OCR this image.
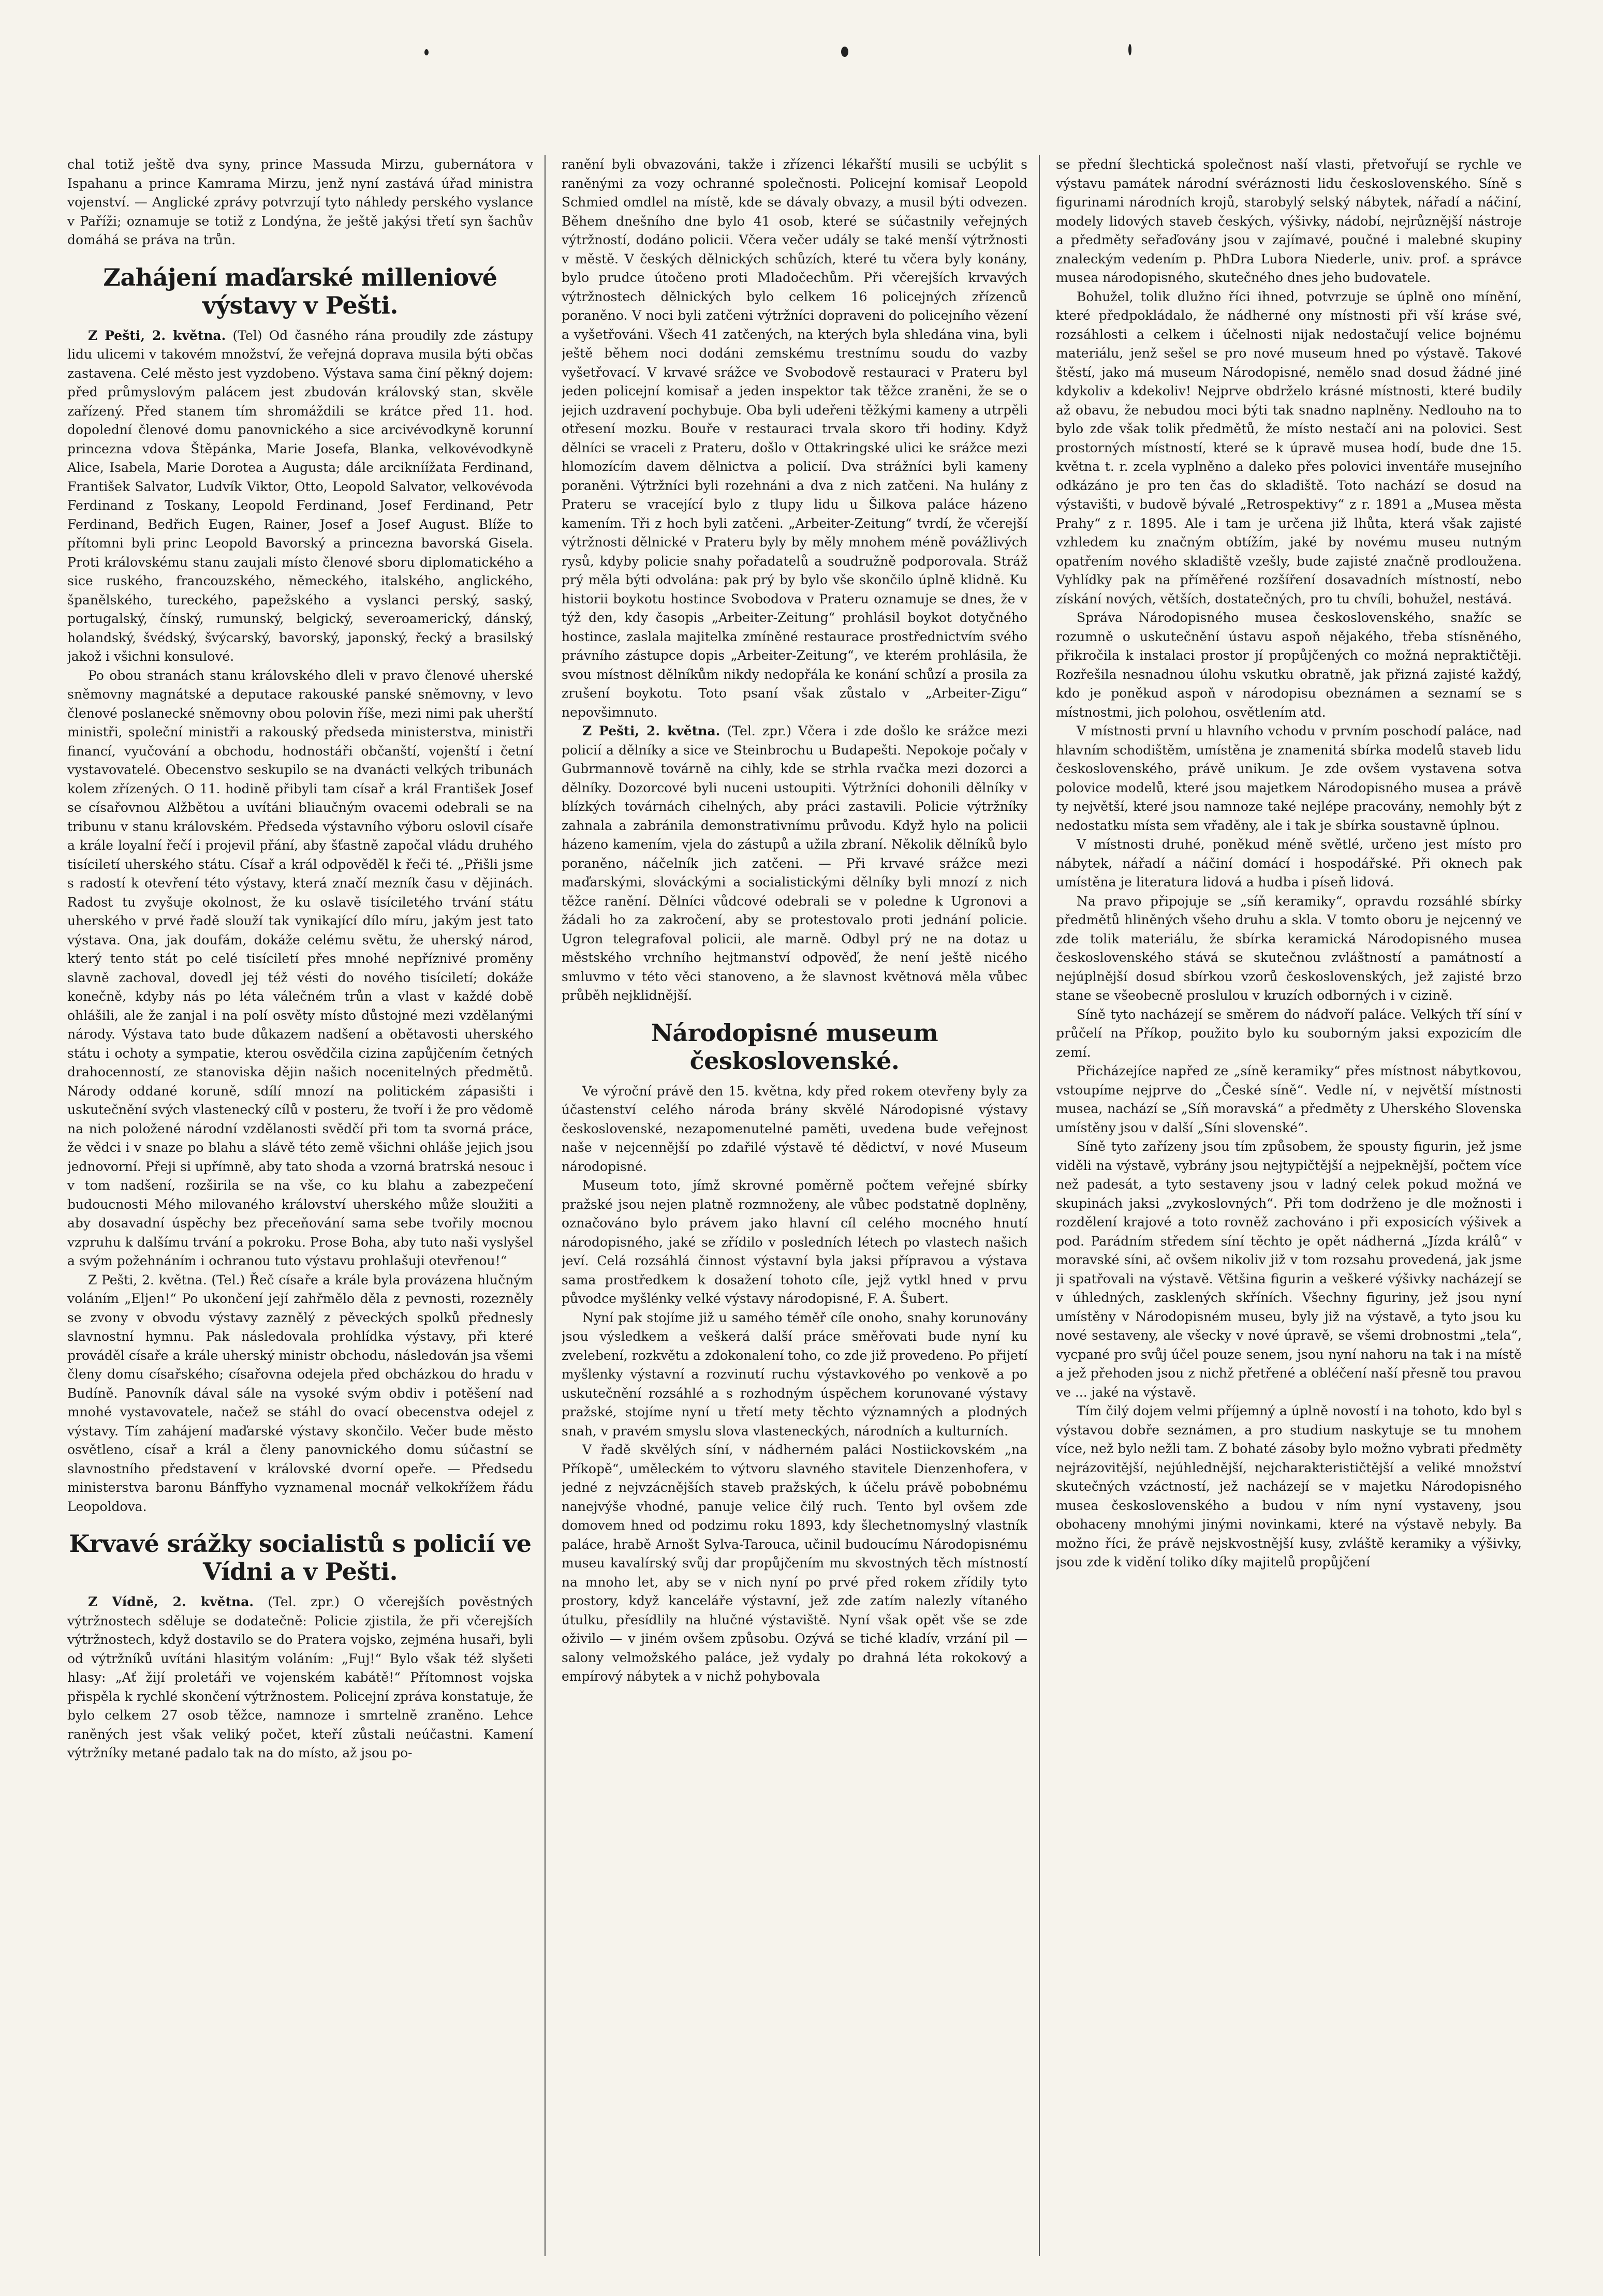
chal totiž ještě dva syny, prince Massuda Mirzu, gubernátora v Ispahanu a prince Kamrama Mirzu, jenž nyní zastává úřad ministra vojenství. — Anglické zprávy potvrzují tyto náhledy perského vyslance v Paříži; oznamuje se totiž z Londýna, že ještě jakýsi třetí syn šachův domáhá se práva na trůn.

Zahájení maďarské milleniové výstavy v Pešti.

Z Pešti, 2. května. (Tel) Od časného rána proudily zde zástupy lidu ulicemi v takovém množství, že veřejná doprava musila býti občas zastavena. Celé město jest vyzdobeno. Výstava sama činí pěkný dojem: před průmyslovým palácem jest zbudován královský stan, skvěle zařízený. Před stanem tím shromáždili se krátce před 11. hod. dopolední členové domu panovnického a sice arcivévodkyně korunní princezna vdova Štěpánka, Marie Josefa, Blanka, velkovévodkyně Alice, Isabela, Marie Dorotea a Augusta; dále arcikníížata Ferdinand, František Salvator, Ludvík Viktor, Otto, Leopold Salvator, velkovévoda Ferdinand z Toskany, Leopold Ferdinand, Josef Ferdinand, Petr Ferdinand, Bedřich Eugen, Rainer, Josef a Josef August. Blíže to přítomni byli princ Leopold Bavorský a princezna bavorská Gisela. Proti královskému stanu zaujali místo členové sboru diplomatického a sice ruského, francouzského, německého, italského, anglického, španělského, tureckého, papežského a vyslanci perský, saský, portugalský, čínský, rumunský, belgický, severoamerický, dánský, holandský, švédský, švýcarský, bavorský, japonský, řecký a brasilský jakož i všichni konsulové.

Po obou stranách stanu královského dleli v pravo členové uherské sněmovny magnátské a deputace rakouské panské sněmovny, v levo členové poslanecké sněmovny obou polovin říše, mezi nimi pak uherští ministři, společní ministři a rakouský předseda ministerstva, ministři financí, vyučování a obchodu, hodnostáři občanští, vojenští i četní vystavovatelé. Obecenstvo seskupilo se na dvanácti velkých tribunách kolem zřízených. O 11. hodině přibyli tam císař a král František Josef se císařovnou Alžbětou a uvítáni bliaučným ovacemi odebrali se na tribunu v stanu královském. Předseda výstavního výboru oslovil císaře a krále loyalní řečí i projevil přání, aby šťastně započal vládu druhého tisíciletí uherského státu. Císař a král odpověděl k řeči té. „Přišli jsme s radostí k otevření této výstavy, která značí mezník času v dějinách. Radost tu zvyšuje okolnost, že ku oslavě tisíciletého trvání státu uherského v prvé řadě slouží tak vynikající dílo míru, jakým jest tato výstava. Ona, jak doufám, dokáže celému světu, že uherský národ, který tento stát po celé tisíciletí přes mnohé nepříznivé proměny slavně zachoval, dovedl jej též vésti do nového tisíciletí; dokáže konečně, kdyby nás po léta válečném trůn a vlast v každé době ohlášili, ale že zanjal i na polí osvěty místo důstojné mezi vzdělanými národy. Výstava tato bude důkazem nadšení a obětavosti uherského státu i ochoty a sympatie, kterou osvědčila cizina zapůjčením četných drahocenností, ze stanoviska dějin našich nocenitelných předmětů. Národy oddané koruně, sdílí mnozí na politickém zápasišti i uskutečnění svých vlastenecký cílů v posteru, že tvoří i že pro vědomě na nich položené národní vzdělanosti svědčí při tom ta svorná práce, že vědci i v snaze po blahu a slávě této země všichni ohláše jejich jsou jednovorní. Přeji si upřímně, aby tato shoda a vzorná bratrská nesouc i v tom nadšení, rozširila se na vše, co ku blahu a zabezpečení budoucnosti Mého milovaného království uherského může sloužiti a aby dosavadní úspěchy bez přeceňování sama sebe tvořily mocnou vzpruhu k dalšímu trvání a pokroku. Prose Boha, aby tuto naši vyslyšel a svým požehnáním i ochranou tuto výstavu prohlašuji otevřenou!“

Z Pešti, 2. května. (Tel.) Řeč císaře a krále byla provázena hlučným voláním „Eljen!“ Po ukončení její zahřmělo děla z pevnosti, rozezněly se zvony v obvodu výstavy zaznělý z pěveckých spolků přednesly slavnostní hymnu. Pak následovala prohlídka výstavy, při které prováděl císaře a krále uherský ministr obchodu, následován jsa všemi členy domu císařského; císařovna odejela před obcházkou do hradu v Budíně. Panovník dával sále na vysoké svým obdiv i potěšení nad mnohé vystavovatele, načež se stáhl do ovací obecenstva odejel z výstavy. Tím zahájení maďarské výstavy skončilo. Večer bude město osvětleno, císař a král a členy panovnického domu súčastní se slavnostního představení v královské dvorní opeře. — Předsedu ministerstva baronu Bánffyho vyznamenal mocnář velkokřížem řádu Leopoldova.

Krvavé srážky socialistů s policií ve Vídni a v Pešti.

Z Vídně, 2. května. (Tel. zpr.) O včerejších pověstných výtržnostech sděluje se dodatečně: Policie zjistila, že při včerejších výtržnostech, když dostavilo se do Pratera vojsko, zejména husaři, byli od výtržníků uvítáni hlasitým voláním: „Fuj!“ Bylo však též slyšeti hlasy: „Ať žijí proletáři ve vojenském kabátě!“ Přítomnost vojska přispěla k rychlé skončení výtržnostem. Policejní zpráva konstatuje, že bylo celkem 27 osob těžce, namnoze i smrtelně zraněno. Lehce raněných jest však veliký počet, kteří zůstali neúčastni. Kamení výtržníky metané padalo tak na do místo, až jsou po-

ranění byli obvazováni, takže i zřízenci lékařští musili se ucbýlit s raněnými za vozy ochranné společnosti. Policejní komisař Leopold Schmied omdlel na místě, kde se dávaly obvazy, a musil býti odvezen. Během dnešního dne bylo 41 osob, které se súčastnily veřejných výtržností, dodáno policii. Včera večer udály se také menší výtržnosti v městě. V českých dělnických schůzích, které tu včera byly konány, bylo prudce útočeno proti Mladočechům. Při včerejších krvavých výtržnostech dělnických bylo celkem 16 policejných zřízenců poraněno. V noci byli zatčeni výtržníci dopraveni do policejního vězení a vyšetřováni. Všech 41 zatčených, na kterých byla shledána vina, byli ještě během noci dodáni zemskému trestnímu soudu do vazby vyšetřovací. V krvavé srážce ve Svobodově restauraci v Prateru byl jeden policejní komisař a jeden inspektor tak těžce zraněni, že se o jejich uzdravení pochybuje. Oba byli udeřeni těžkými kameny a utrpěli otřesení mozku. Bouře v restauraci trvala skoro tři hodiny. Když dělníci se vraceli z Prateru, došlo v Ottakringské ulici ke srážce mezi hlomozícím davem dělnictva a policií. Dva strážníci byli kameny poraněni. Výtržníci byli rozehnáni a dva z nich zatčeni. Na hulány z Prateru se vracející bylo z tlupy lidu u Šilkova paláce házeno kamením. Tři z hoch byli zatčeni. „Arbeiter-Zeitung“ tvrdí, že včerejší výtržnosti dělnické v Prateru byly by měly mnohem méně povážlivých rysů, kdyby policie snahy pořadatelů a soudružně podporovala. Stráž prý měla býti odvolána: pak prý by bylo vše skončilo úplně klidně. Ku historii boykotu hostince Svobodova v Prateru oznamuje se dnes, že v týž den, kdy časopis „Arbeiter-Zeitung“ prohlásil boykot dotyčného hostince, zaslala majitelka zmíněné restaurace prostřednictvím svého právního zástupce dopis „Arbeiter-Zeitung“, ve kterém prohlásila, že svou místnost dělníkům nikdy nedopřála ke konání schůzí a prosila za zrušení boykotu. Toto psaní však zůstalo v „Arbeiter-Zigu“ nepovšimnuto.

Z Pešti, 2. května. (Tel. zpr.) Včera i zde došlo ke srážce mezi policií a dělníky a sice ve Steinbrochu u Budapešti. Nepokoje počaly v Gubrmannově továrně na cihly, kde se strhla rvačka mezi dozorci a dělníky. Dozorcové byli nuceni ustoupiti. Výtržníci dohonili dělníky v blízkých továrnách cihelných, aby práci zastavili. Policie výtržníky zahnala a zabránila demonstrativnímu průvodu. Když hylo na policii házeno kamením, vjela do zástupů a užila zbraní. Několik dělníků bylo poraněno, náčelník jich zatčeni. — Při krvavé srážce mezi maďarskými, slováckými a socialistickými dělníky byli mnozí z nich těžce ranění. Dělníci vůdcové odebrali se v poledne k Ugronovi a žádali ho za zakročení, aby se protestovalo proti jednání policie. Ugron telegrafoval policii, ale marně. Odbyl prý ne na dotaz u městského vrchního hejtmanství odpověď, že není ještě nicého smluvmo v této věci stanoveno, a že slavnost květnová měla vůbec průběh nejklidnější.

Národopisné museum československé.

Ve výroční právě den 15. května, kdy před rokem otevřeny byly za účastenství celého národa brány skvělé Národopisné výstavy československé, nezapomenutelné paměti, uvedena bude veřejnost naše v nejcennější po zdařilé výstavě té dědictví, v nové Museum národopisné.

Museum toto, jímž skrovné poměrně počtem veřejné sbírky pražské jsou nejen platně rozmnoženy, ale vůbec podstatně doplněny, označováno bylo právem jako hlavní cíl celého mocného hnutí národopisného, jaké se zřídilo v posledních létech po vlastech našich jeví. Celá rozsáhlá činnost výstavní byla jaksi přípravou a výstava sama prostředkem k dosažení tohoto cíle, jejž vytkl hned v prvu původce myšlénky velké výstavy národopisné, F. A. Šubert.

Nyní pak stojíme již u samého téměř cíle onoho, snahy korunovány jsou výsledkem a veškerá další práce směřovati bude nyní ku zvelebení, rozkvětu a zdokonalení toho, co zde již provedeno. Po přijetí myšlenky výstavní a rozvinutí ruchu výstavkového po venkově a po uskutečnění rozsáhlé a s rozhodným úspěchem korunované výstavy pražské, stojíme nyní u třetí mety těchto významných a plodných snah, v pravém smyslu slova vlasteneckých, národních a kulturních.

V řadě skvělých síní, v nádherném paláci Nostiickovském „na Příkopě“, uměleckém to výtvoru slavného stavitele Dienzenhofera, v jedné z nejvzácnějších staveb pražských, k účelu právě pobobnému nanejvýše vhodné, panuje velice čilý ruch. Tento byl ovšem zde domovem hned od podzimu roku 1893, kdy šlechetnomyslný vlastník paláce, hrabě Arnošt Sylva-Tarouca, učinil budoucímu Národopisnému museu kavalírský svůj dar propůjčením mu skvostných těch místností na mnoho let, aby se v nich nyní po prvé před rokem zřídily tyto prostory, když kanceláře výstavní, jež zde zatím nalezly vítaného útulku, přesídlily na hlučné výstaviště. Nyní však opět vše se zde oživilo — v jiném ovšem způsobu. Ozývá se tiché kladív, vrzání pil — salony velmožského paláce, jež vydaly po drahná léta rokokový a empírový nábytek a v nichž pohybovala

se přední šlechtická společnost naší vlasti, přetvořují se rychle ve výstavu památek národní svéráznosti lidu československého. Síně s figurinami národních krojů, starobylý selský nábytek, nářadí a náčiní, modely lidových staveb českých, výšivky, nádobí, nejrůznější nástroje a předměty seřaďovány jsou v zajímavé, poučné i malebné skupiny znaleckým vedením p. PhDra Lubora Niederle, univ. prof. a správce musea národopisného, skutečného dnes jeho budovatele.

Bohužel, tolik dlužno říci ihned, potvrzuje se úplně ono mínění, které předpokládalo, že nádherné ony místnosti při vší kráse své, rozsáhlosti a celkem i účelnosti nijak nedostačují velice bojnému materiálu, jenž sešel se pro nové museum hned po výstavě. Takové štěstí, jako má museum Národopisné, nemělo snad dosud žádné jiné kdykoliv a kdekoliv! Nejprve obdrželo krásné místnosti, které budily až obavu, že nebudou moci býti tak snadno naplněny. Nedlouho na to bylo zde však tolik předmětů, že místo nestačí ani na polovici. Sest prostorných místností, které se k úpravě musea hodí, bude dne 15. května t. r. zcela vyplněno a daleko přes polovici inventáře musejního odkázáno je pro ten čas do skladiště. Toto nachází se dosud na výstavišti, v budově bývalé „Retrospektivy“ z r. 1891 a „Musea města Prahy“ z r. 1895. Ale i tam je určena již lhůta, která však zajisté vzhledem ku značným obtížím, jaké by novému museu nutným opatřením nového skladiště vzešly, bude zajisté značně prodloužena. Vyhlídky pak na příměřené rozšíření dosavadních místností, nebo získání nových, větších, dostatečných, pro tu chvíli, bohužel, nestává.

Správa Národopisného musea československého, snažíc se rozumně o uskutečnění ústavu aspoň nějakého, třeba stísněného, přikročila k instalaci prostor jí propůjčených co možná nepraktičtěji. Rozřešila nesnadnou úlohu vskutku obratně, jak přizná zajisté každý, kdo je poněkud aspoň v národopisu obeznámen a seznamí se s místnostmi, jich polohou, osvětlením atd.

V místnosti první u hlavního vchodu v prvním poschodí paláce, nad hlavním schodištěm, umístěna je znamenitá sbírka modelů staveb lidu československého, právě unikum. Je zde ovšem vystavena sotva polovice modelů, které jsou majetkem Národopisného musea a právě ty největší, které jsou namnoze také nejlépe pracovány, nemohly být z nedostatku místa sem vřaděny, ale i tak je sbírka soustavně úplnou.

V místnosti druhé, poněkud méně světlé, určeno jest místo pro nábytek, nářadí a náčiní domácí i hospodářské. Při oknech pak umístěna je literatura lidová a hudba i píseň lidová.

Na pravo připojuje se „síň keramiky“, opravdu rozsáhlé sbírky předmětů hliněných všeho druhu a skla. V tomto oboru je nejcenný ve zde tolik materiálu, že sbírka keramická Národopisného musea československého stává se skutečnou zvláštností a památností a nejúplnější dosud sbírkou vzorů československých, jež zajisté brzo stane se všeobecně proslulou v kruzích odborných i v cizině.

Síně tyto nacházejí se směrem do nádvoří paláce. Velkých tří síní v průčelí na Příkop, použito bylo ku souborným jaksi expozicím dle zemí.

Přicházejíce napřed ze „síně keramiky“ přes místnost nábytkovou, vstoupíme nejprve do „České síně“. Vedle ní, v největší místnosti musea, nachází se „Síň moravská“ a předměty z Uherského Slovenska umístěny jsou v další „Síni slovenské“.

Síně tyto zařízeny jsou tím způsobem, že spousty figurin, jež jsme viděli na výstavě, vybrány jsou nejtypičtější a nejpeknější, počtem více než padesát, a tyto sestaveny jsou v ladný celek pokud možná ve skupinách jaksi „zvykoslovných“. Při tom dodrženo je dle možnosti i rozdělení krajové a toto rovněž zachováno i při exposicích výšivek a pod. Parádním středem síní těchto je opět nádherná „Jízda králů“ v moravské síni, ač ovšem nikoliv již v tom rozsahu provedená, jak jsme ji spatřovali na výstavě. Většina figurin a veškeré výšivky nacházejí se v úhledných, zasklených skříních. Všechny figuriny, jež jsou nyní umístěny v Národopisném museu, byly již na výstavě, a tyto jsou ku nové sestaveny, ale všecky v nové úpravě, se všemi drobnostmi „tela“, vycpané pro svůj účel pouze senem, jsou nyní nahoru na tak i na místě a jež přehoden jsou z nichž přetřené a obléčení naší přesně tou pravou ve ... jaké na výstavě.

Tím čilý dojem velmi příjemný a úplně novostí i na tohoto, kdo byl s výstavou dobře seznámen, a pro studium naskytuje se tu mnohem více, než bylo nežli tam. Z bohaté zásoby bylo možno vybrati předměty nejrázovitější, nejúhlednější, nejcharakterističtější a veliké množství skutečných vzáctností, jež nacházejí se v majetku Národopisného musea československého a budou v ním nyní vystaveny, jsou obohaceny mnohými jinými novinkami, které na výstavě nebyly. Ba možno říci, že právě nejskvostnější kusy, zvláště keramiky a výšivky, jsou zde k vidění toliko díky majitelů propůjčení
